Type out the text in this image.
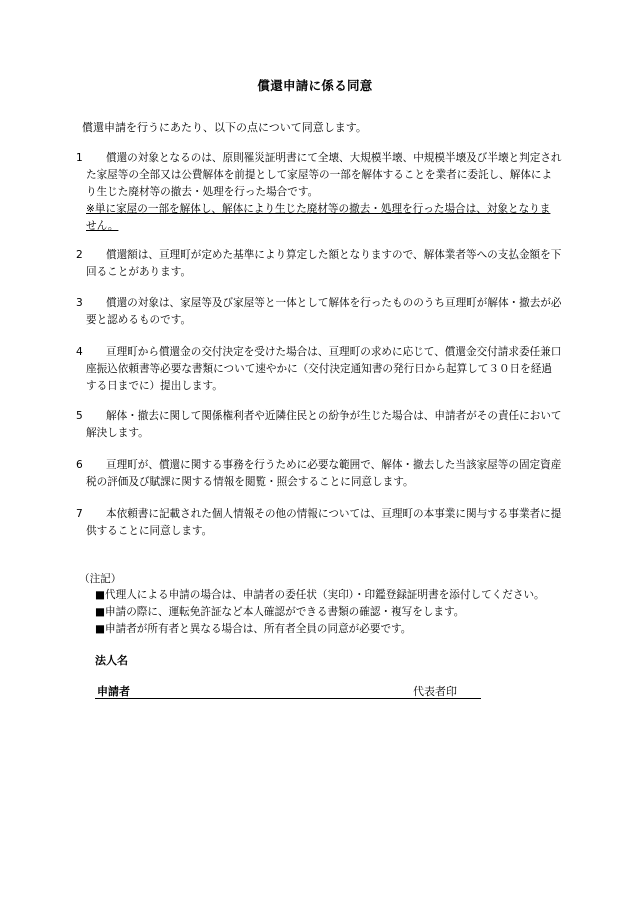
償還申請に係る同意
償還申請を行うにあたり、以下の点について同意します。
1 償還の対象となるのは、原則罹災証明書にて全壊、大規模半壊、中規模半壊及び半壊と判定され
た家屋等の全部又は公費解体を前提として家屋等の一部を解体することを業者に委託し、解体によ
り生じた廃材等の撤去・処理を行った場合です。
※単に家屋の一部を解体し、解体により生じた廃材等の撤去・処理を行った場合は、対象となりま
せん。
2 償還額は、亘理町が定めた基準により算定した額となりますので、解体業者等への支払金額を下
回ることがあります。
3 償還の対象は、家屋等及び家屋等と一体として解体を行ったもののうち亘理町が解体・撤去が必
要と認めるものです。
4 亘理町から償還金の交付決定を受けた場合は、亘理町の求めに応じて、償還金交付請求委任兼口
座振込依頼書等必要な書類について速やかに（交付決定通知書の発行日から起算して３０日を経過
する日までに）提出します。
5 解体・撤去に関して関係権利者や近隣住民との紛争が生じた場合は、申請者がその責任において
解決します。
6 亘理町が、償還に関する事務を行うために必要な範囲で、解体・撤去した当該家屋等の固定資産
税の評価及び賦課に関する情報を閲覧・照会することに同意します。
7 本依頼書に記載された個人情報その他の情報については、亘理町の本事業に関与する事業者に提
供することに同意します。
（注記）
■代理人による申請の場合は、申請者の委任状（実印）・印鑑登録証明書を添付してください。
■申請の際に、運転免許証など本人確認ができる書類の確認・複写をします。
■申請者が所有者と異なる場合は、所有者全員の同意が必要です。
法人名
申請者	代表者印
